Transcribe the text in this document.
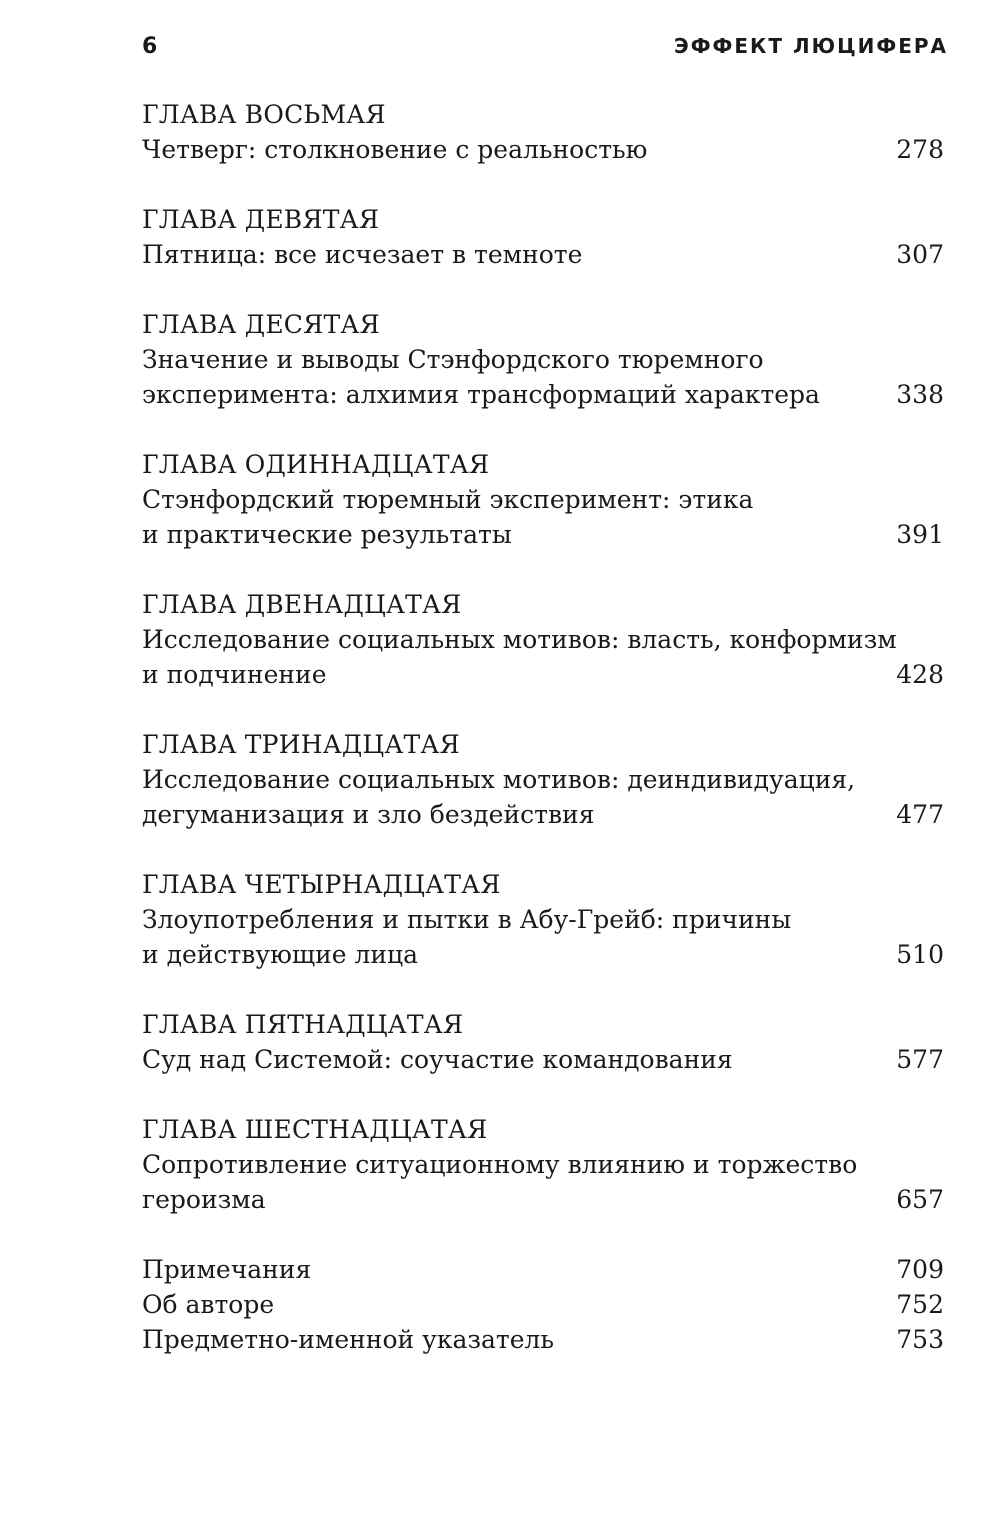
6	ЭФФЕКТ ЛЮЦИФЕРА
ГЛАВА ВОСЬМАЯ
Четверг: столкновение с реальностью	278
ГЛАВА ДЕВЯТАЯ
Пятница: все исчезает в темноте	307
ГЛАВА ДЕСЯТАЯ
Значение и выводы Стэнфордского тюремного
эксперимента: алхимия трансформаций характера	338
ГЛАВА ОДИННАДЦАТАЯ
Стэнфордский тюремный эксперимент: этика
и практические результаты	391
ГЛАВА ДВЕНАДЦАТАЯ
Исследование социальных мотивов: власть, конформизм
и подчинение	428
ГЛАВА ТРИНАДЦАТАЯ
Исследование социальных мотивов: деиндивидуация,
дегуманизация и зло бездействия	477
ГЛАВА ЧЕТЫРНАДЦАТАЯ
Злоупотребления и пытки в Абу-Грейб: причины
и действующие лица	510
ГЛАВА ПЯТНАДЦАТАЯ
Суд над Системой: соучастие командования	577
ГЛАВА ШЕСТНАДЦАТАЯ
Сопротивление ситуационному влиянию и торжество
героизма	657
Примечания	709
Об авторе	752
Предметно-именной указатель	753
